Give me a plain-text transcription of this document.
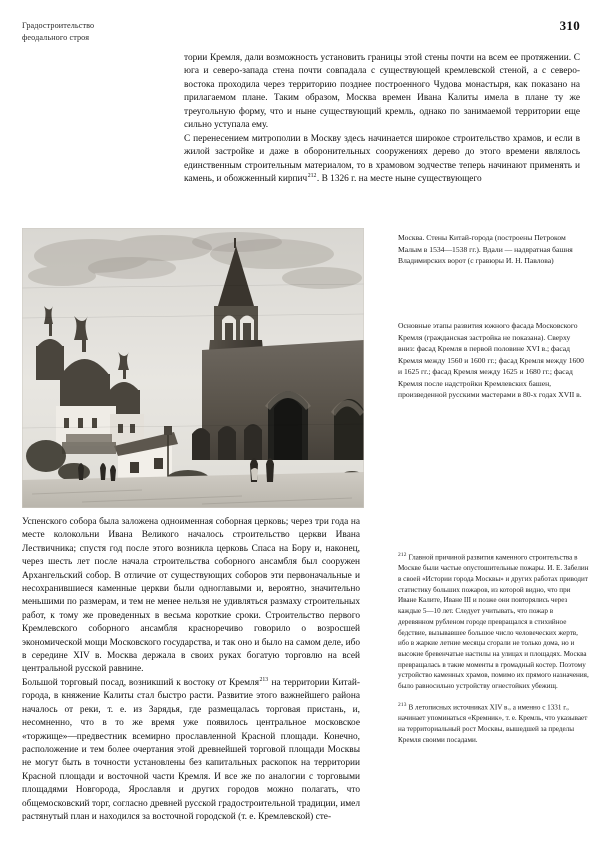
Градостроительство
феодального строя
310

тории Кремля, дали возможность установить границы этой стены почти на всем ее протяжении. С юга и северо-запада стена почти совпадала с существующей кремлевской стеной, а с северо-востока проходила через территорию позднее построенного Чудова монастыря, как показано на прилагаемом плане. Таким образом, Москва времен Ивана Калиты имела в плане ту же треугольную форму, что и ныне существующий кремль, однако по занимаемой территории еще сильно уступала ему.

С перенесением митрополии в Москву здесь начинается широкое строительство храмов, и если в жилой застройке и даже в оборонительных сооружениях дерево до этого времени являлось единственным строительным материалом, то в храмовом зодчестве теперь начинают применять и камень, и обожженный кирпич$^{212}$. В 1326 г. на месте ныне существующего

Москва. Стены Китай-города (построены Петроком Малым в 1534—1538 гг.). Вдали — надвратная башня Владимирских ворот (с гравюры И. Н. Павлова)
Основные этапы развития южного фасада Московского Кремля (гражданская застройка не показана). Сверху вниз: фасад Кремля в первой половине XVI в.; фасад Кремля между 1560 и 1600 гг.; фасад Кремля между 1600 и 1625 гг.; фасад Кремля между 1625 и 1680 гг.; фасад Кремля после надстройки Кремлевских башен, произведенной русскими мастерами в 80-х годах XVII в.

Успенского собора была заложена одноименная соборная церковь; через три года на месте колокольни Ивана Великого началось строительство церкви Ивана Лествичника; спустя год после этого возникла церковь Спаса на Бору и, наконец, через шесть лет после начала строительства соборного ансамбля был сооружен Архангельский собор. В отличие от существующих соборов эти первоначальные и несохранившиеся каменные церкви были одноглавыми и, вероятно, значительно меньшими по размерам, и тем не менее нельзя не удивляться размаху строительных работ, к тому же проведенных в весьма короткие сроки. Строительство первого Кремлевского соборного ансамбля красноречиво говорило о возросшей экономической мощи Московского государства, и так оно и было на самом деле, ибо в середине XIV в. Москва держала в своих руках богатую торговлю на всей центральной русской равнине.

Большой торговый посад, возникший к востоку от Кремля$^{213}$ на территории Китай-города, в княжение Калиты стал быстро расти. Развитие этого важнейшего района началось от реки, т. е. из Зарядья, где размещалась торговая пристань, и, несомненно, что в то же время уже появилось центральное московское «торжище»—предвестник всемирно прославленной Красной площади. Конечно, расположение и тем более очертания этой древнейшей торговой площади Москвы не могут быть в точности установлены без капитальных раскопок на территории Красной площади и восточной части Кремля. И все же по аналогии с торговыми площадями Новгорода, Ярославля и других городов можно полагать, что общемосковский торг, согласно древней русской градостроительной традиции, имел растянутый план и находился за восточной городской (т. е. Кремлевской) сте-

$^{212}$ Главной причиной развития каменного строительства в Москве были частые опустошительные пожары. И. Е. Забелин в своей «Истории города Москвы» и других работах приводит статистику больших пожаров, из которой видно, что при Иване Калите, Иване III и позже они повторялись через каждые 5—10 лет. Следует учитывать, что пожар в деревянном рубленом городе превращался в стихийное бедствие, вызывавшее большое число человеческих жертв, ибо в жаркие летние месяцы сгорали не только дома, но и высокие бревенчатые настилы на улицах и площадях. Москва превращалась в такие моменты в громадный костер. Поэтому устройство каменных храмов, помимо их прямого назначения, было равносильно устройству огнестойких убежищ.

$^{213}$ В летописных источниках XIV в., а именно с 1331 г., начинает упоминаться «Кремник», т. е. Кремль, что указывает на территориальный рост Москвы, вышедшей за пределы Кремля своими посадами.
